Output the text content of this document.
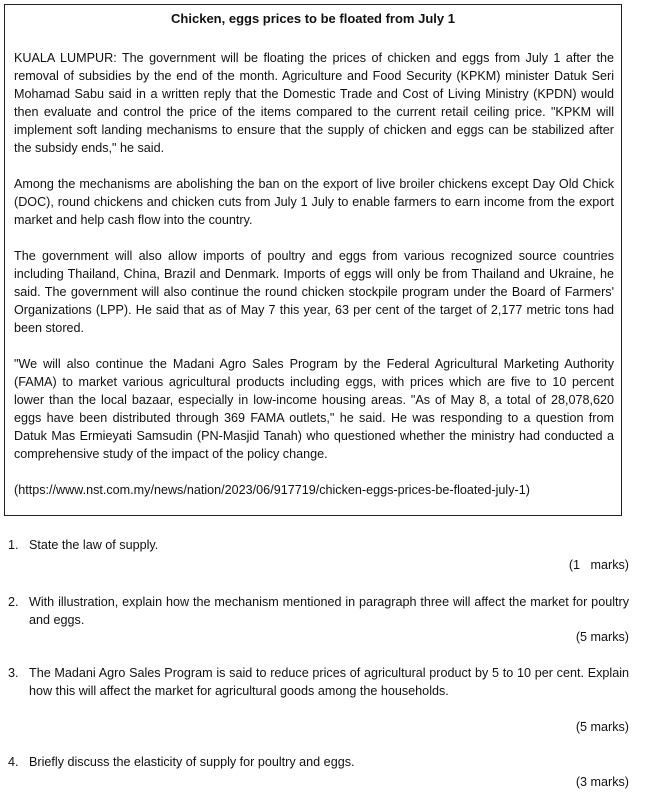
Chicken, eggs prices to be floated from July 1

KUALA LUMPUR: The government will be floating the prices of chicken and eggs from July 1 after the removal of subsidies by the end of the month. Agriculture and Food Security (KPKM) minister Datuk Seri Mohamad Sabu said in a written reply that the Domestic Trade and Cost of Living Ministry (KPDN) would then evaluate and control the price of the items compared to the current retail ceiling price. "KPKM will implement soft landing mechanisms to ensure that the supply of chicken and eggs can be stabilized after the subsidy ends," he said.

Among the mechanisms are abolishing the ban on the export of live broiler chickens except Day Old Chick (DOC), round chickens and chicken cuts from July 1 July to enable farmers to earn income from the export market and help cash flow into the country.

The government will also allow imports of poultry and eggs from various recognized source countries including Thailand, China, Brazil and Denmark. Imports of eggs will only be from Thailand and Ukraine, he said. The government will also continue the round chicken stockpile program under the Board of Farmers' Organizations (LPP). He said that as of May 7 this year, 63 per cent of the target of 2,177 metric tons had been stored.

"We will also continue the Madani Agro Sales Program by the Federal Agricultural Marketing Authority (FAMA) to market various agricultural products including eggs, with prices which are five to 10 percent lower than the local bazaar, especially in low-income housing areas. "As of May 8, a total of 28,078,620 eggs have been distributed through 369 FAMA outlets," he said. He was responding to a question from Datuk Mas Ermieyati Samsudin (PN-Masjid Tanah) who questioned whether the ministry had conducted a comprehensive study of the impact of the policy change.

(https://www.nst.com.my/news/nation/2023/06/917719/chicken-eggs-prices-be-floated-july-1)

1. State the law of supply.
(1   marks)
2. With illustration, explain how the mechanism mentioned in paragraph three will affect the market for poultry and eggs.
(5 marks)
3. The Madani Agro Sales Program is said to reduce prices of agricultural product by 5 to 10 per cent. Explain how this will affect the market for agricultural goods among the households.
(5 marks)
4. Briefly discuss the elasticity of supply for poultry and eggs.
(3 marks)
